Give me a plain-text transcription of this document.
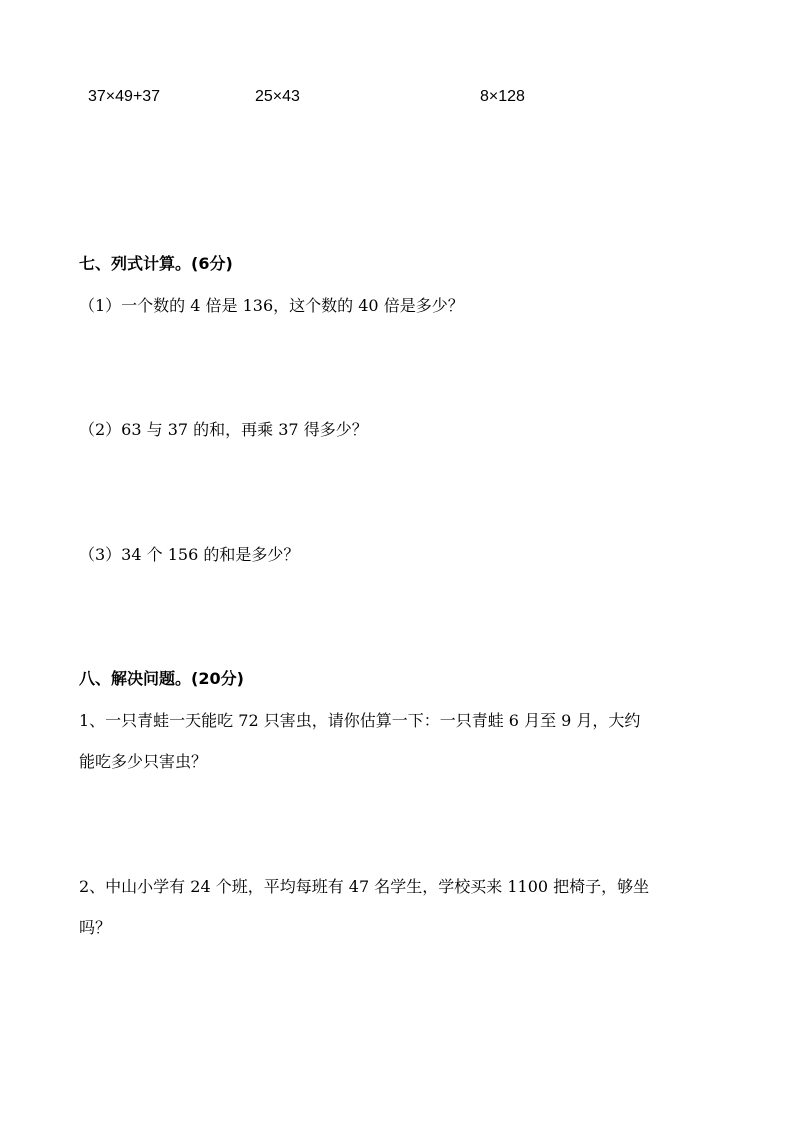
37×49+37	25×43	8×128
七、列式计算。(6分)
（1）一个数的 4 倍是 136，这个数的 40 倍是多少？
（2）63 与 37 的和，再乘 37 得多少？
（3）34 个 156 的和是多少？
八、解决问题。(20分)
1、一只青蛙一天能吃 72 只害虫，请你估算一下：一只青蛙 6 月至 9 月，大约
能吃多少只害虫？
2、中山小学有 24 个班，平均每班有 47 名学生，学校买来 1100 把椅子，够坐
吗？
